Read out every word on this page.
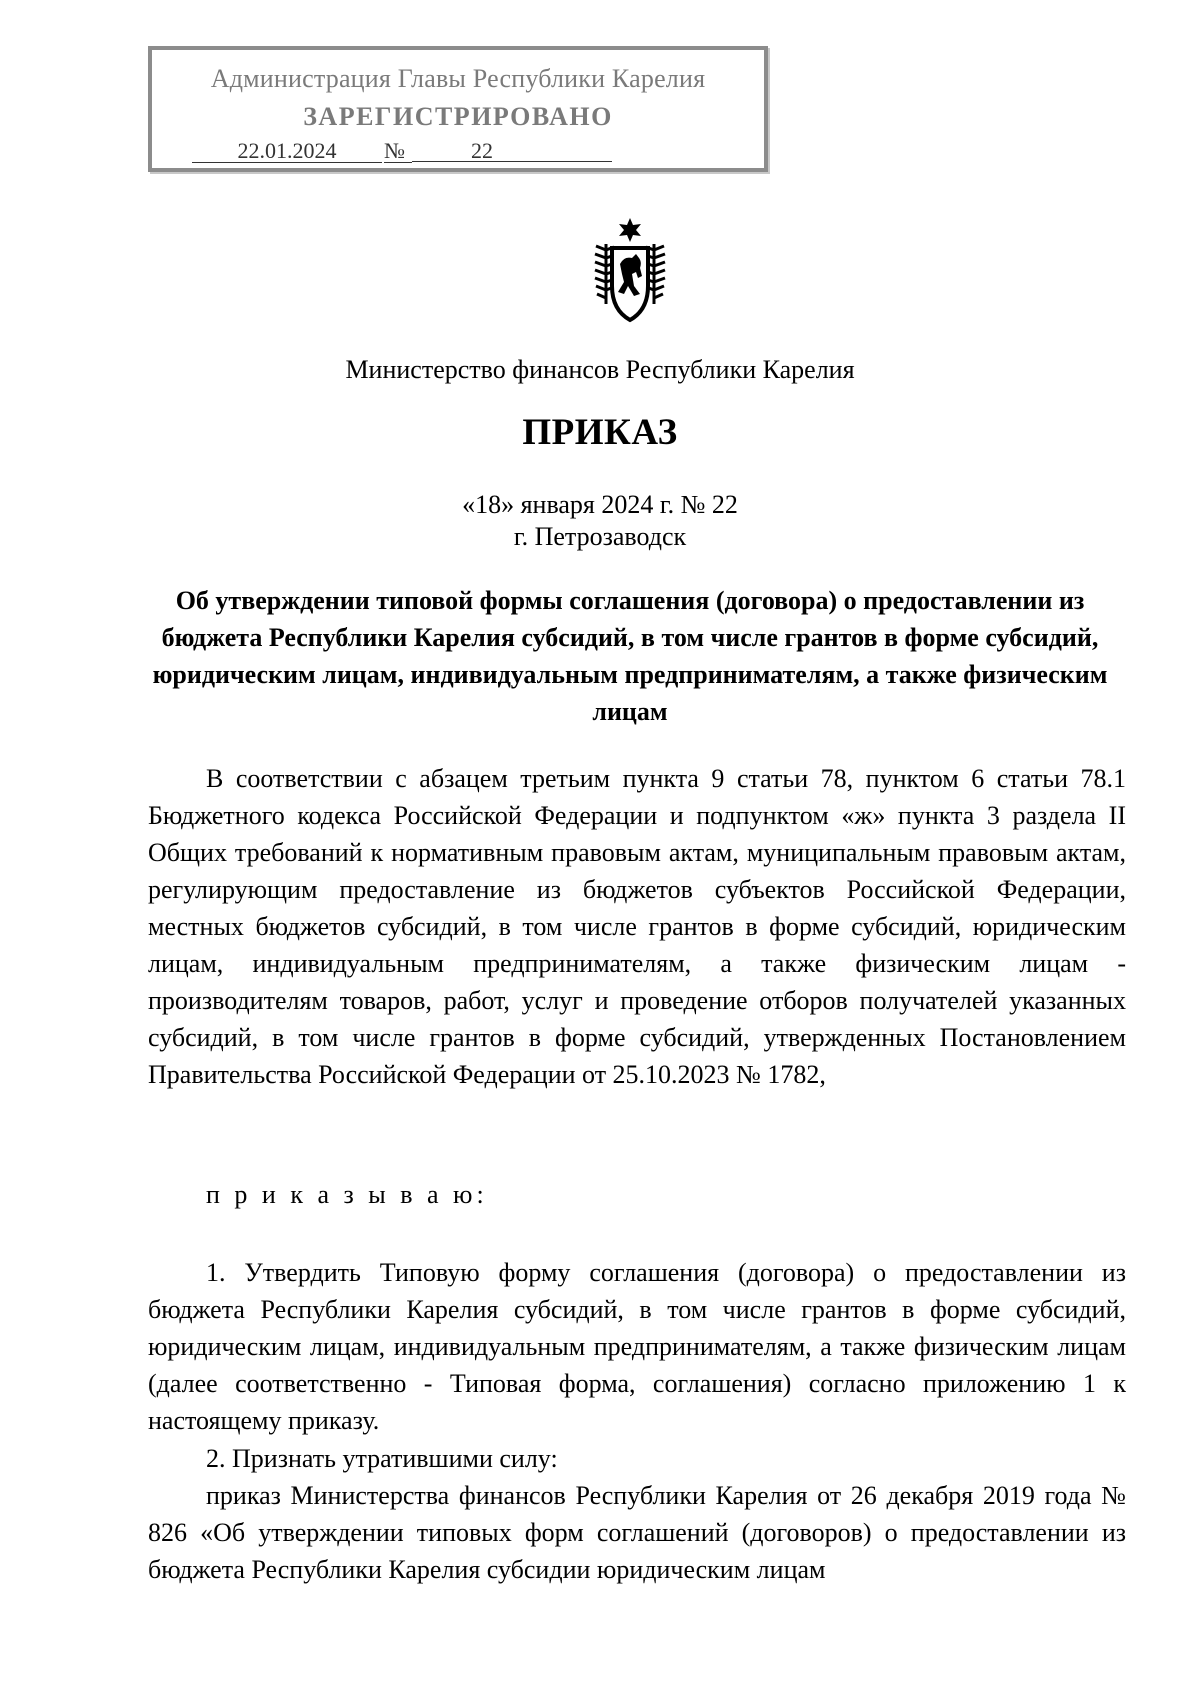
Администрация Главы Республики Карелия
ЗАРЕГИСТРИРОВАНО
22.01.2024	№	22
Министерство финансов Республики Карелия
ПРИКАЗ
«18» января 2024 г. № 22
г. Петрозаводск
Об утверждении типовой формы соглашения (договора) о предоставлении из бюджета Республики Карелия субсидий, в том числе грантов в форме субсидий, юридическим лицам, индивидуальным предпринимателям, а также физическим лицам
В соответствии с абзацем третьим пункта 9 статьи 78, пунктом 6 статьи 78.1 Бюджетного кодекса Российской Федерации и подпунктом «ж» пункта 3 раздела II Общих требований к нормативным правовым актам, муниципальным правовым актам, регулирующим предоставление из бюджетов субъектов Российской Федерации, местных бюджетов субсидий, в том числе грантов в форме субсидий, юридическим лицам, индивидуальным предпринимателям, а также физическим лицам - производителям товаров, работ, услуг и проведение отборов получателей указанных субсидий, в том числе грантов в форме субсидий, утвержденных Постановлением Правительства Российской Федерации от 25.10.2023 № 1782,
п р и к а з ы в а ю:
1. Утвердить Типовую форму соглашения (договора) о предоставлении из бюджета Республики Карелия субсидий, в том числе грантов в форме субсидий, юридическим лицам, индивидуальным предпринимателям, а также физическим лицам (далее соответственно - Типовая форма, соглашения) согласно приложению 1 к настоящему приказу.
2. Признать утратившими силу:
приказ Министерства финансов Республики Карелия от 26 декабря 2019 года № 826 «Об утверждении типовых форм соглашений (договоров) о предоставлении из бюджета Республики Карелия субсидии юридическим лицам
